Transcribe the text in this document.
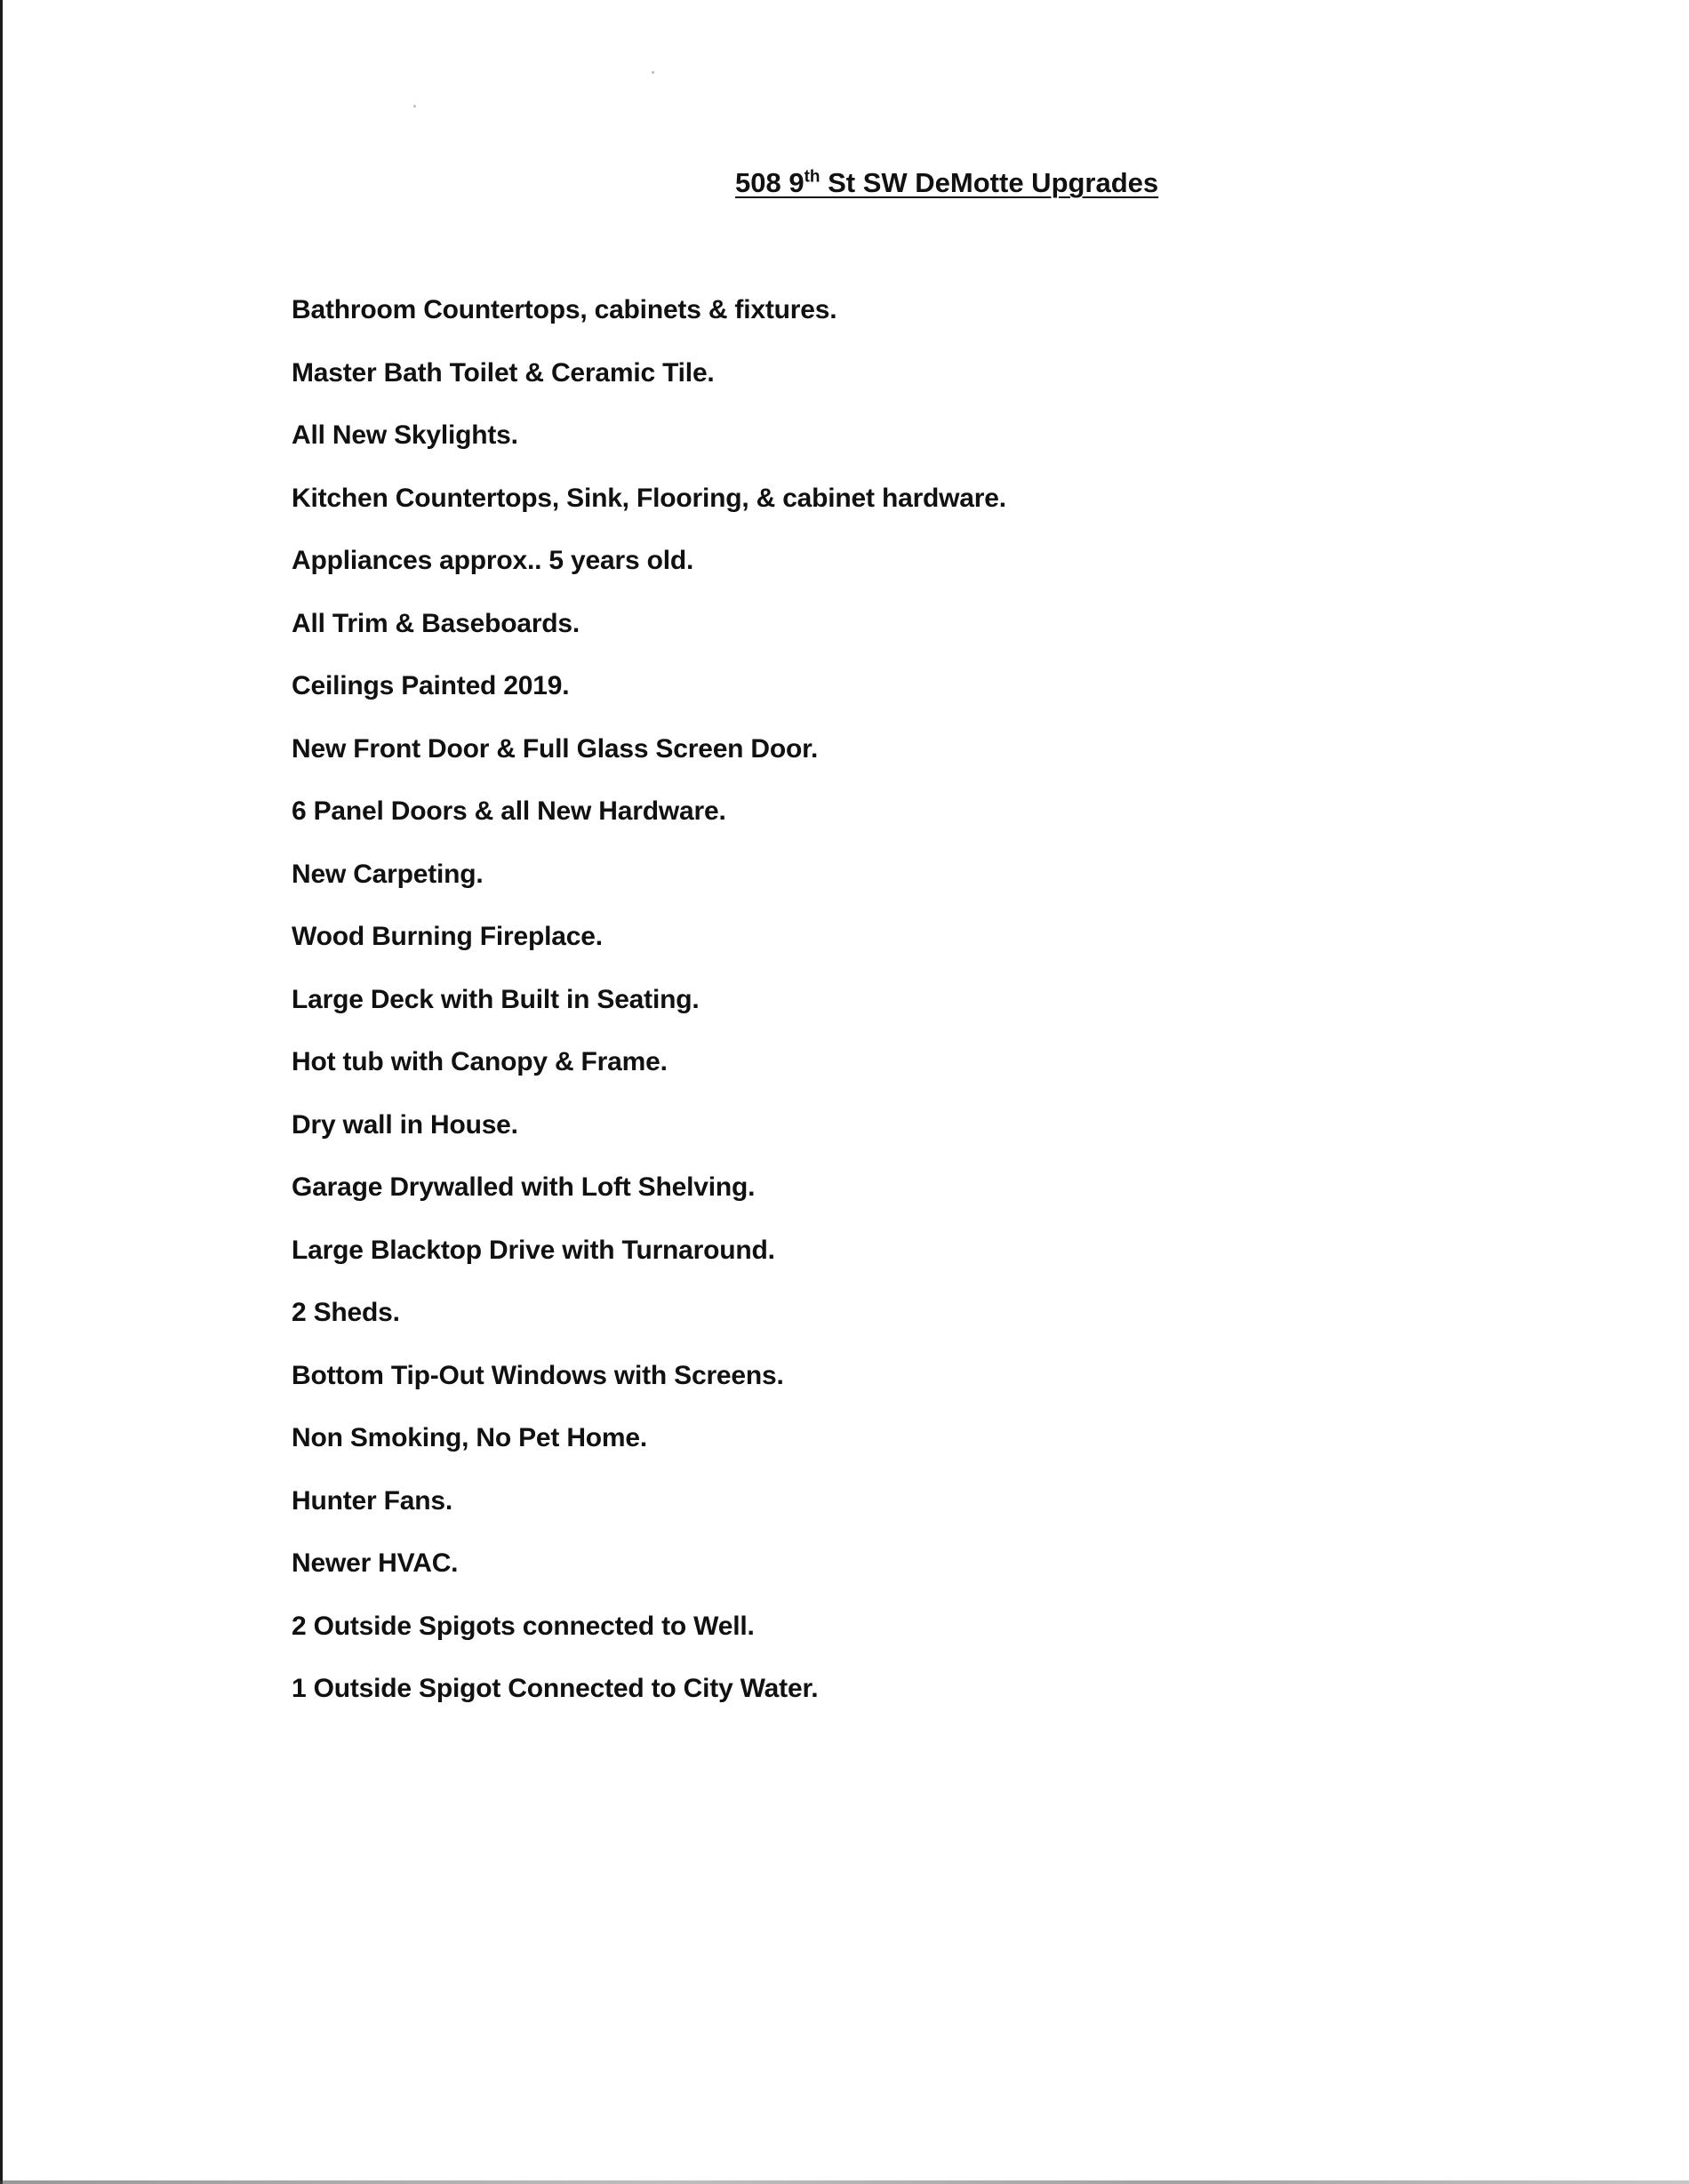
508 9th St SW DeMotte Upgrades
Bathroom Countertops, cabinets & fixtures.
Master Bath Toilet & Ceramic Tile.
All New Skylights.
Kitchen Countertops, Sink, Flooring, & cabinet hardware.
Appliances approx.. 5 years old.
All Trim & Baseboards.
Ceilings Painted 2019.
New Front Door & Full Glass Screen Door.
6 Panel Doors & all New Hardware.
New Carpeting.
Wood Burning Fireplace.
Large Deck with Built in Seating.
Hot tub with Canopy & Frame.
Dry wall in House.
Garage Drywalled with Loft Shelving.
Large Blacktop Drive with Turnaround.
2 Sheds.
Bottom Tip-Out Windows with Screens.
Non Smoking, No Pet Home.
Hunter Fans.
Newer HVAC.
2 Outside Spigots connected to Well.
1 Outside Spigot Connected to City Water.
